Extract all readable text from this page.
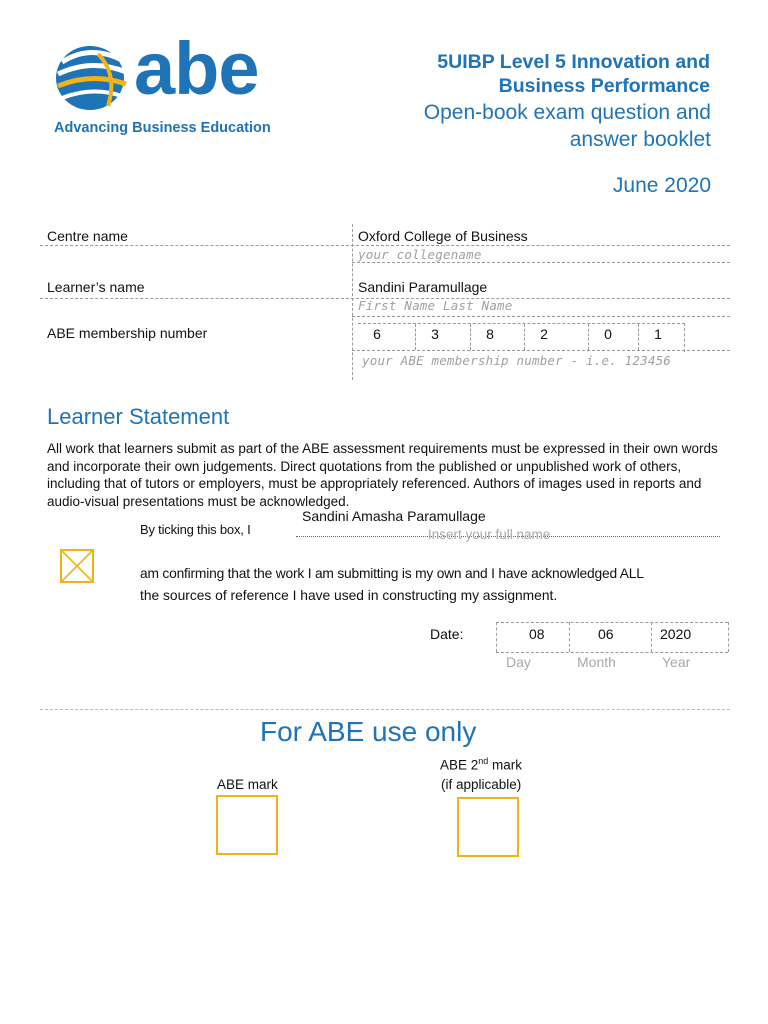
abe
Advancing Business Education
5UIBP Level 5 Innovation and
Business Performance
Open-book exam question and
answer booklet
June 2020
Centre name	Oxford College of Business
your collegename
Learner’s name	Sandini Paramullage
First Name Last Name
ABE membership number	6	3	8	2	0	1
your ABE membership number - i.e. 123456
Learner Statement
All work that learners submit as part of the ABE assessment requirements must be expressed in their own words and incorporate their own judgements. Direct quotations from the published or unpublished work of others, including that of tutors or employers, must be appropriately referenced. Authors of images used in reports and audio-visual presentations must be acknowledged.
Sandini Amasha Paramullage
By ticking this box, I	Insert your full name
am confirming that the work I am submitting is my own and I have acknowledged ALL
the sources of reference I have used in constructing my assignment.
Date:	08	06	2020
Day	Month	Year
For ABE use only
ABE mark
ABE 2nd mark
(if applicable)
